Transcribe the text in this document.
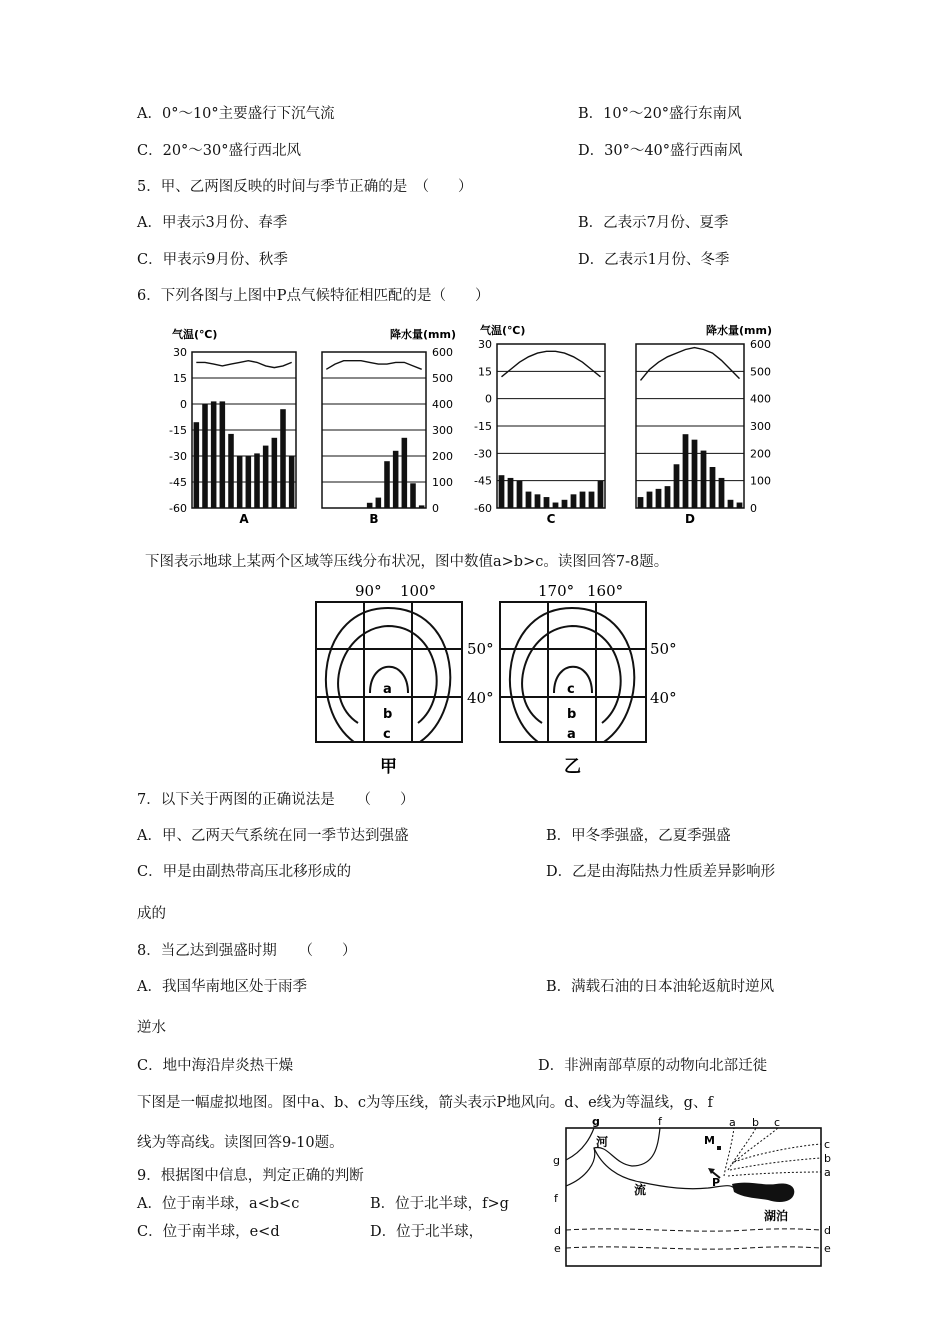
A．0°～10°主要盛行下沉气流	B．10°～20°盛行东南风
C．20°～30°盛行西北风	D．30°～40°盛行西南风
5．甲、乙两图反映的时间与季节正确的是　（　　）
A．甲表示3月份、春季	B．乙表示7月份、夏季
C．甲表示9月份、秋季	D．乙表示1月份、冬季
6．下列各图与上图中P点气候特征相匹配的是（　　）
气温(℃)	降水量(mm) 气温(℃)	降水量(mm)
30
15
0
-15
-30
-45
-60
A
600
500
400
300
200
100
0
B
30
15
0
-15
-30
-45
-60
C
600
500
400
300
200
100
0
D
下图表示地球上某两个区域等压线分布状况，图中数值a>b>c。读图回答7-8题。
90° 100°
a
b
c
50°
40°
甲
170° 160°
c
b
a
50°
40°
乙
7．以下关于两图的正确说法是　　（　　）
A．甲、乙两天气系统在同一季节达到强盛	B．甲冬季强盛，乙夏季强盛
C．甲是由副热带高压北移形成的	D．乙是由海陆热力性质差异影响形
成的
8．当乙达到强盛时期　　（　　）
A．我国华南地区处于雨季	B．满载石油的日本油轮返航时逆风
逆水
C．地中海沿岸炎热干燥	D．非洲南部草原的动物向北部迁徙
下图是一幅虚拟地图。图中a、b、c为等压线，箭头表示P地风向。d、e线为等温线，g、f
线为等高线。读图回答9-10题。
9．根据图中信息，判定正确的判断
A．位于南半球，a<b<c	B．位于北半球，f>g
C．位于南半球，e<d	D．位于北半球，
g	f	a b c
c
b
a
g
f
d
e
d
e
河
流
湖泊
M
P
